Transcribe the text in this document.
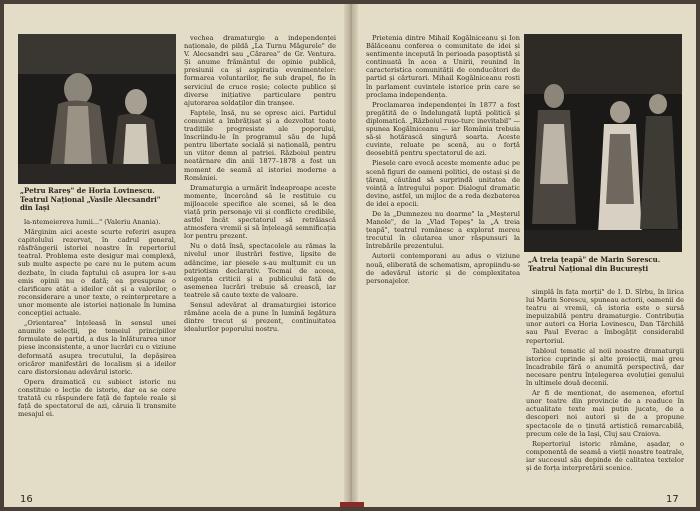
„Petru Rareș" de Horia Lovinescu. Teatrul Național „Vasile Alecsandri" din Iași

la-ntemeiereva lumii..." (Valeriu Anania).

Mărginim aici aceste scurte referiri asupra capitolului rezervat, în cadrul general, răsfrângerii istoriei noastre în repertoriul teatral. Problema este desigur mai complexă, sub multe aspecte pe care nu le putem acum dezbate, în ciuda faptului că asupra lor s-au emis opinii nu o dată; ea presupune o clarificare atât a ideilor cât și a valorilor, o reconsiderare a unor texte, o reinterpretare a unor momente ale istoriei naționale în lumina concepției actuale.

„Orientarea" înțeleasă în sensul unei anumite selecții, pe temeiul principiilor formulate de partid, a dus la înlăturarea unor piese inconsistente, a unor lucrări cu o viziune deformată asupra trecutului, la depășirea oricăror manifestări de localism și a ideilor care distorsionau adevărul istoric.

Opera dramatică cu subiect istoric nu constituie o lecție de istorie, dar ea se cere tratată cu răspundere față de faptele reale și față de spectatorul de azi, căruia îi transmite mesajul ei.

vechea dramaturgie a independenței naționale, de pildă „La Turnu Măgurele" de V. Alecsandri sau „Cărarea" de Gr. Ventura. Și anume frământul de opinie publică, presiunii ca și aspirația evenimentelor: formarea voluntarilor, fie sub drapel, fie în serviciul de cruce roșie; colecte publice și diverse inițiative particulare pentru ajutorarea soldaților din tranșee.

Faptele, însă, nu se opresc aici. Partidul comunist a îmbrățișat și a dezvoltat toate tradițiile progresiste ale poporului, înscriindu-le în programul său de lupă pentru libertate socială și națională, pentru un viitor demn al patriei. Războiul pentru neatârnare din anii 1877–1878 a fost un moment de seamă al istoriei moderne a României.

Dramaturgia a urmărit îndeaproape aceste momente, încercând să le restituie cu mijloacele specifice ale scenei, să le dea viață prin personaje vii și conflicte credibile, astfel încât spectatorul să retrăiască atmosfera vremii și să înțeleagă semnificația lor pentru prezent.

Nu o dată însă, spectacolele au rămas la nivelul unor ilustrări festive, lipsite de adâncime, iar piesele s-au mulțumit cu un patriotism declarativ. Tocmai de aceea, exigența criticii și a publicului față de asemenea lucrări trebuie să crească, iar teatrele să caute texte de valoare.

Sensul adevărat al dramaturgiei istorice rămâne acela de a pune în lumină legătura dintre trecut și prezent, continuitatea idealurilor poporului nostru.

16

Prietenia dintre Mihail Kogălniceanu și Ion Bălăceanu conferea o comunitate de idei și sentimente incepută în perioada pașoptistă și continuată în acea a Unirii, reunind în caracteristica comunității de conducători de partid și cărturari. Mihail Kogălniceanu rosti în parlament cuvintele istorice prin care se proclama independența.

Proclamarea independenței în 1877 a fost pregătită de o îndelungată luptă politică și diplomatică. „Războiul rușo-turc inevitabil" — spunea Kogălniceanu — iar România trebuia să-și hotărască singură soarta. Aceste cuvinte, reluate pe scenă, au o forță deosebită pentru spectatorul de azi.

Piesele care evocă aceste momente aduc pe scenă figuri de oameni politici, de ostași și de țărani, căutând să surprindă unitatea de voință a întregului popor. Dialogul dramatic devine, astfel, un mijloc de a reda dezbaterea de idei a epocii.

De la „Dumnezeu nu doarme" la „Meșterul Manole", de la „Vlad Țepeș" la „A treia țeapă", teatrul românesc a explorat mereu trecutul în căutarea unor răspunsuri la întrebările prezentului.

Autorii contemporani au adus o viziune nouă, eliberată de schematism, apropiindu-se de adevărul istoric și de complexitatea personajelor.

„A treia țeapă" de Marin Sorescu. Teatrul Național din București

simplă în fața morții" de I. D. Sîrbu, în lirica lui Marin Sorescu, spuneau actorii, oamenii de teatru ai vremii, că istoria este o sursă inepuizabilă pentru dramaturgie. Contribuția unor autori ca Horia Lovinescu, Dan Tărchilă sau Paul Everac a îmbogățit considerabil repertoriul.

Tabloul tematic al noii noastre dramaturgii istorice cuprinde și alte proiecții, mai greu încadrabile fără o anumită perspectivă, dar necesare pentru înțelegerea evoluției genului în ultimele două decenii.

Ar fi de menționat, de asemenea, efortul unor teatre din provincie de a readuce în actualitate texte mai puțin jucate, de a descoperi noi autori și de a propune spectacole de o ținută artistică remarcabilă, precum cele de la Iași, Cluj sau Craiova.

Repertoriul istoric rămâne, așadar, o componentă de seamă a vieții noastre teatrale, iar succesul său depinde de calitatea textelor și de forța interpretării scenice.

17
